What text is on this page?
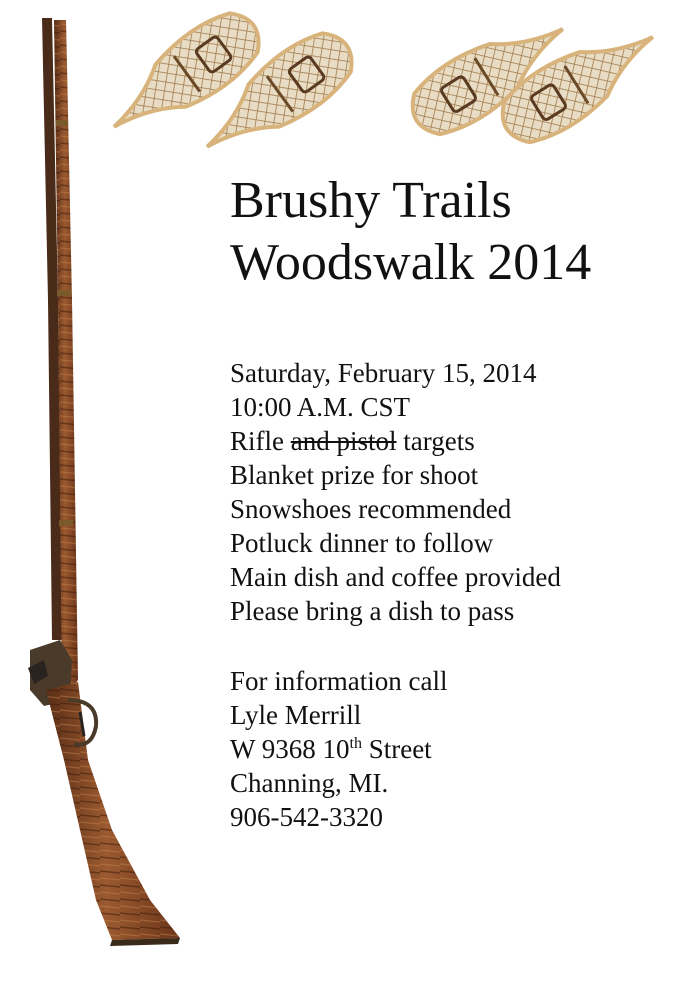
Brushy Trails
Woodswalk 2014
Saturday, February 15, 2014
10:00 A.M. CST
Rifle and pistol targets
Blanket prize for shoot
Snowshoes recommended
Potluck dinner to follow
Main dish and coffee provided
Please bring a dish to pass
For information call
Lyle Merrill
W 9368 10th Street
Channing, MI.
906-542-3320
